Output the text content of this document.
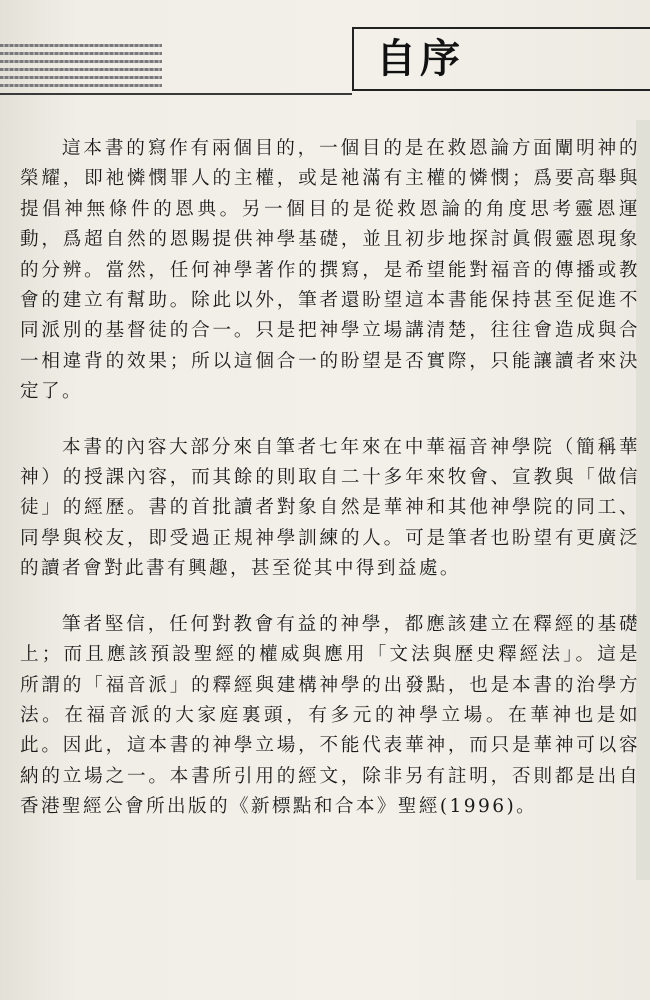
自序

這本書的寫作有兩個目的，一個目的是在救恩論方面闡明神的榮耀，即祂憐憫罪人的主權，或是祂滿有主權的憐憫；爲要高舉與提倡神無條件的恩典。另一個目的是從救恩論的角度思考靈恩運動，爲超自然的恩賜提供神學基礎，並且初步地探討眞假靈恩現象的分辨。當然，任何神學著作的撰寫，是希望能對福音的傳播或教會的建立有幫助。除此以外，筆者還盼望這本書能保持甚至促進不同派別的基督徒的合一。只是把神學立場講清楚，往往會造成與合一相違背的效果；所以這個合一的盼望是否實際，只能讓讀者來決定了。

本書的內容大部分來自筆者七年來在中華福音神學院（簡稱華神）的授課內容，而其餘的則取自二十多年來牧會、宣教與「做信徒」的經歷。書的首批讀者對象自然是華神和其他神學院的同工、同學與校友，即受過正規神學訓練的人。可是筆者也盼望有更廣泛的讀者會對此書有興趣，甚至從其中得到益處。

筆者堅信，任何對教會有益的神學，都應該建立在釋經的基礎上；而且應該預設聖經的權威與應用「文法與歷史釋經法」。這是所謂的「福音派」的釋經與建構神學的出發點，也是本書的治學方法。在福音派的大家庭裏頭，有多元的神學立場。在華神也是如此。因此，這本書的神學立場，不能代表華神，而只是華神可以容納的立場之一。本書所引用的經文，除非另有註明，否則都是出自香港聖經公會所出版的《新標點和合本》聖經(1996)。
